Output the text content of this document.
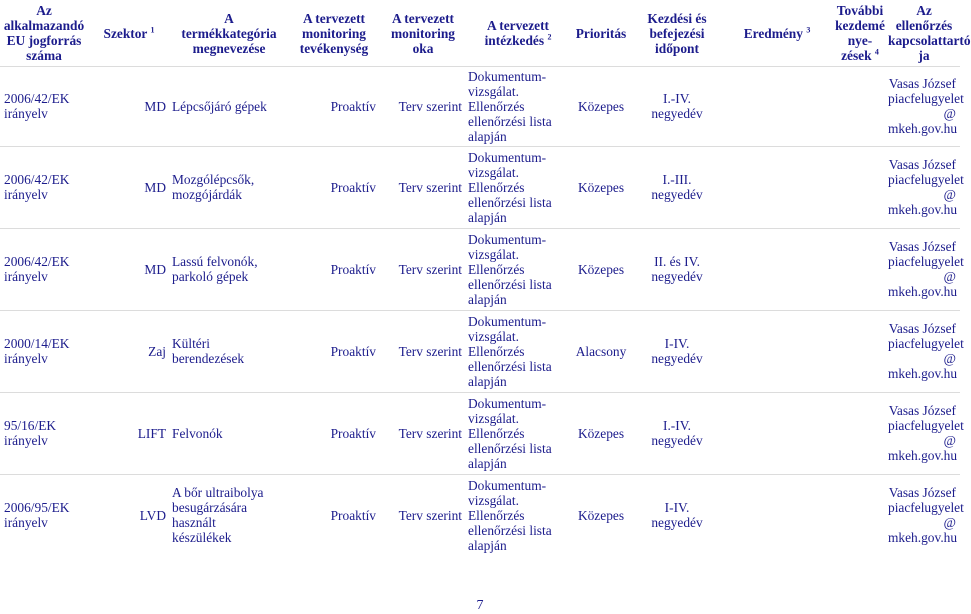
Az
alkalmazandó
EU jogforrás
száma	Szektor $^1$	A
termékkategória
megnevezése	A tervezett
monitoring
tevékenység	A tervezett
monitoring
oka	A tervezett
intézkedés $^2$	Prioritás	Kezdési és
befejezési
időpont	Eredmény $^3$	További
kezdemé
nye-
zések $^4$	Az ellenőrzés
kapcsolattartó
ja

2006/42/EK
irányelv	MD	Lépcsőjáró gépek	Proaktív	Terv szerint	Dokumentum-
vizsgálat.
Ellenőrzés
ellenőrzési lista
alapján	Közepes	I.-IV.
negyedév			Vasas József
piacfelugyelet
@
mkeh.gov.hu

2006/42/EK
irányelv	MD	Mozgólépcsők,
mozgójárdák	Proaktív	Terv szerint	Dokumentum-
vizsgálat.
Ellenőrzés
ellenőrzési lista
alapján	Közepes	I.-III.
negyedév			Vasas József
piacfelugyelet
@
mkeh.gov.hu

2006/42/EK
irányelv	MD	Lassú felvonók,
parkoló gépek	Proaktív	Terv szerint	Dokumentum-
vizsgálat.
Ellenőrzés
ellenőrzési lista
alapján	Közepes	II. és IV.
negyedév			Vasas József
piacfelugyelet
@
mkeh.gov.hu

2000/14/EK
irányelv	Zaj	Kültéri
berendezések	Proaktív	Terv szerint	Dokumentum-
vizsgálat.
Ellenőrzés
ellenőrzési lista
alapján	Alacsony	I-IV.
negyedév			Vasas József
piacfelugyelet
@
mkeh.gov.hu

95/16/EK
irányelv	LIFT	Felvonók	Proaktív	Terv szerint	Dokumentum-
vizsgálat.
Ellenőrzés
ellenőrzési lista
alapján	Közepes	I.-IV.
negyedév			Vasas József
piacfelugyelet
@
mkeh.gov.hu

2006/95/EK
irányelv	LVD	A bőr ultraibolya
besugárzására
használt
készülékek	Proaktív	Terv szerint	Dokumentum-
vizsgálat.
Ellenőrzés
ellenőrzési lista
alapján	Közepes	I-IV.
negyedév			Vasas József
piacfelugyelet
@
mkeh.gov.hu
7
